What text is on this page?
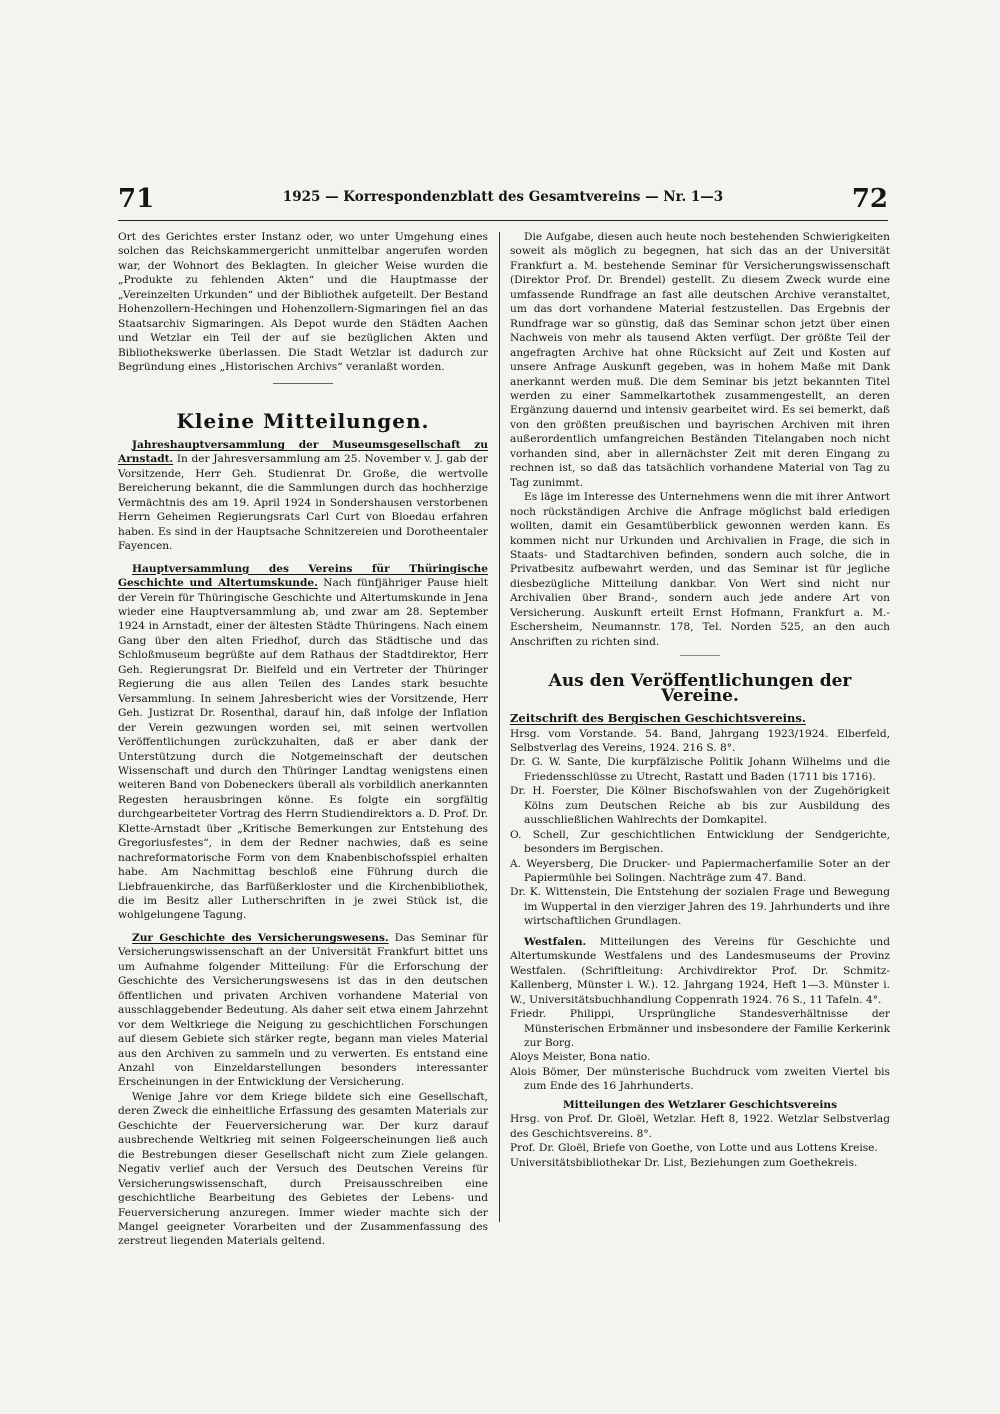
71	1925 — Korrespondenzblatt des Gesamtvereins — Nr. 1—3	72

Ort des Gerichtes erster Instanz oder, wo unter Umgehung eines solchen das Reichskammergericht unmittelbar angerufen worden war, der Wohnort des Beklagten. In gleicher Weise wurden die „Produkte zu fehlenden Akten“ und die Hauptmasse der „Vereinzelten Urkunden“ und der Bibliothek aufgeteilt. Der Bestand Hohenzollern-Hechingen und Hohenzollern-Sigmaringen fiel an das Staatsarchiv Sigmaringen. Als Depot wurde den Städten Aachen und Wetzlar ein Teil der auf sie bezüglichen Akten und Bibliothekswerke überlassen. Die Stadt Wetzlar ist dadurch zur Begründung eines „Historischen Archivs“ veranlaßt worden.

Kleine Mitteilungen.

Jahreshauptversammlung der Museumsgesellschaft zu Arnstadt. In der Jahresversammlung am 25. November v. J. gab der Vorsitzende, Herr Geh. Studienrat Dr. Große, die wertvolle Bereicherung bekannt, die die Sammlungen durch das hochherzige Vermächtnis des am 19. April 1924 in Sondershausen verstorbenen Herrn Geheimen Regierungsrats Carl Curt von Bloedau erfahren haben. Es sind in der Hauptsache Schnitzereien und Dorotheentaler Fayencen.

Hauptversammlung des Vereins für Thüringische Geschichte und Altertumskunde. Nach fünfjähriger Pause hielt der Verein für Thüringische Geschichte und Altertumskunde in Jena wieder eine Hauptversammlung ab, und zwar am 28. September 1924 in Arnstadt, einer der ältesten Städte Thüringens. Nach einem Gang über den alten Friedhof, durch das Städtische und das Schloßmuseum begrüßte auf dem Rathaus der Stadtdirektor, Herr Geh. Regierungsrat Dr. Bielfeld und ein Vertreter der Thüringer Regierung die aus allen Teilen des Landes stark besuchte Versammlung. In seinem Jahresbericht wies der Vorsitzende, Herr Geh. Justizrat Dr. Rosenthal, darauf hin, daß infolge der Inflation der Verein gezwungen worden sei, mit seinen wertvollen Veröffentlichungen zurückzuhalten, daß er aber dank der Unterstützung durch die Notgemeinschaft der deutschen Wissenschaft und durch den Thüringer Landtag wenigstens einen weiteren Band von Dobeneckers überall als vorbildlich anerkannten Regesten herausbringen könne. Es folgte ein sorgfältig durchgearbeiteter Vortrag des Herrn Studiendirektors a. D. Prof. Dr. Klette-Arnstadt über „Kritische Bemerkungen zur Entstehung des Gregoriusfestes“, in dem der Redner nachwies, daß es seine nachreformatorische Form von dem Knabenbischofsspiel erhalten habe. Am Nachmittag beschloß eine Führung durch die Liebfrauenkirche, das Barfüßerkloster und die Kirchenbibliothek, die im Besitz aller Lutherschriften in je zwei Stück ist, die wohlgelungene Tagung.

Zur Geschichte des Versicherungswesens. Das Seminar für Versicherungswissenschaft an der Universität Frankfurt bittet uns um Aufnahme folgender Mitteilung: Für die Erforschung der Geschichte des Versicherungswesens ist das in den deutschen öffentlichen und privaten Archiven vorhandene Material von ausschlaggebender Bedeutung. Als daher seit etwa einem Jahrzehnt vor dem Weltkriege die Neigung zu geschichtlichen Forschungen auf diesem Gebiete sich stärker regte, begann man vieles Material aus den Archiven zu sammeln und zu verwerten. Es entstand eine Anzahl von Einzeldarstellungen besonders interessanter Erscheinungen in der Entwicklung der Versicherung.

Wenige Jahre vor dem Kriege bildete sich eine Gesellschaft, deren Zweck die einheitliche Erfassung des gesamten Materials zur Geschichte der Feuerversicherung war. Der kurz darauf ausbrechende Weltkrieg mit seinen Folgeerscheinungen ließ auch die Bestrebungen dieser Gesellschaft nicht zum Ziele gelangen. Negativ verlief auch der Versuch des Deutschen Vereins für Versicherungswissenschaft, durch Preisausschreiben eine geschichtliche Bearbeitung des Gebietes der Lebens- und Feuerversicherung anzuregen. Immer wieder machte sich der Mangel geeigneter Vorarbeiten und der Zusammenfassung des zerstreut liegenden Materials geltend.

Die Aufgabe, diesen auch heute noch bestehenden Schwierigkeiten soweit als möglich zu begegnen, hat sich das an der Universität Frankfurt a. M. bestehende Seminar für Versicherungswissenschaft (Direktor Prof. Dr. Brendel) gestellt. Zu diesem Zweck wurde eine umfassende Rundfrage an fast alle deutschen Archive veranstaltet, um das dort vorhandene Material festzustellen. Das Ergebnis der Rundfrage war so günstig, daß das Seminar schon jetzt über einen Nachweis von mehr als tausend Akten verfügt. Der größte Teil der angefragten Archive hat ohne Rücksicht auf Zeit und Kosten auf unsere Anfrage Auskunft gegeben, was in hohem Maße mit Dank anerkannt werden muß. Die dem Seminar bis jetzt bekannten Titel werden zu einer Sammelkartothek zusammengestellt, an deren Ergänzung dauernd und intensiv gearbeitet wird. Es sei bemerkt, daß von den größten preußischen und bayrischen Archiven mit ihren außerordentlich umfangreichen Beständen Titelangaben noch nicht vorhanden sind, aber in allernächster Zeit mit deren Eingang zu rechnen ist, so daß das tatsächlich vorhandene Material von Tag zu Tag zunimmt.

Es läge im Interesse des Unternehmens wenn die mit ihrer Antwort noch rückständigen Archive die Anfrage möglichst bald erledigen wollten, damit ein Gesamtüberblick gewonnen werden kann. Es kommen nicht nur Urkunden und Archivalien in Frage, die sich in Staats- und Stadtarchiven befinden, sondern auch solche, die in Privatbesitz aufbewahrt werden, und das Seminar ist für jegliche diesbezügliche Mitteilung dankbar. Von Wert sind nicht nur Archivalien über Brand-, sondern auch jede andere Art von Versicherung. Auskunft erteilt Ernst Hofmann, Frankfurt a. M.-Eschersheim, Neumannstr. 178, Tel. Norden 525, an den auch Anschriften zu richten sind.

Aus den Veröffentlichungen der Vereine.

Zeitschrift des Bergischen Geschichtsvereins.

Hrsg. vom Vorstande. 54. Band, Jahrgang 1923/1924. Elberfeld, Selbstverlag des Vereins, 1924. 216 S. 8°.

Dr. G. W. Sante, Die kurpfälzische Politik Johann Wilhelms und die Friedensschlüsse zu Utrecht, Rastatt und Baden (1711 bis 1716).

Dr. H. Foerster, Die Kölner Bischofswahlen von der Zugehörigkeit Kölns zum Deutschen Reiche ab bis zur Ausbildung des ausschließlichen Wahlrechts der Domkapitel.

O. Schell, Zur geschichtlichen Entwicklung der Sendgerichte, besonders im Bergischen.

A. Weyersberg, Die Drucker- und Papiermacherfamilie Soter an der Papiermühle bei Solingen. Nachträge zum 47. Band.

Dr. K. Wittenstein, Die Entstehung der sozialen Frage und Bewegung im Wuppertal in den vierziger Jahren des 19. Jahrhunderts und ihre wirtschaftlichen Grundlagen.

Westfalen. Mitteilungen des Vereins für Geschichte und Altertumskunde Westfalens und des Landesmuseums der Provinz Westfalen. (Schriftleitung: Archivdirektor Prof. Dr. Schmitz-Kallenberg, Münster i. W.). 12. Jahrgang 1924, Heft 1—3. Münster i. W., Universitätsbuchhandlung Coppenrath 1924. 76 S., 11 Tafeln. 4°.

Friedr. Philippi, Ursprüngliche Standesverhältnisse der Münsterischen Erbmänner und insbesondere der Familie Kerkerink zur Borg.

Aloys Meister, Bona natio.

Alois Bömer, Der münsterische Buchdruck vom zweiten Viertel bis zum Ende des 16 Jahrhunderts.

Mitteilungen des Wetzlarer Geschichtsvereins

Hrsg. von Prof. Dr. Gloël, Wetzlar. Heft 8, 1922. Wetzlar Selbstverlag des Geschichtsvereins. 8°.

Prof. Dr. Gloël, Briefe von Goethe, von Lotte und aus Lottens Kreise.

Universitätsbibliothekar Dr. List, Beziehungen zum Goethekreis.
